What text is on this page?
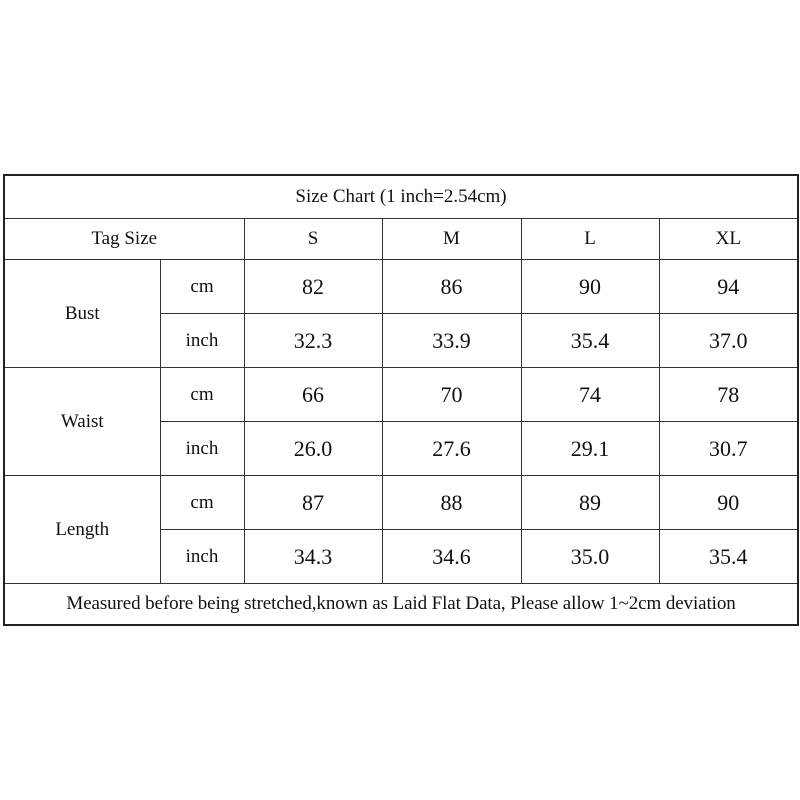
Size Chart (1 inch=2.54cm)					
Tag Size		S	M	L	XL
Bust	cm	82	86	90	94
	inch	32.3	33.9	35.4	37.0
Waist	cm	66	70	74	78
	inch	26.0	27.6	29.1	30.7
Length	cm	87	88	89	90
	inch	34.3	34.6	35.0	35.4
Measured before being stretched,known as Laid Flat Data, Please allow 1~2cm deviation					
